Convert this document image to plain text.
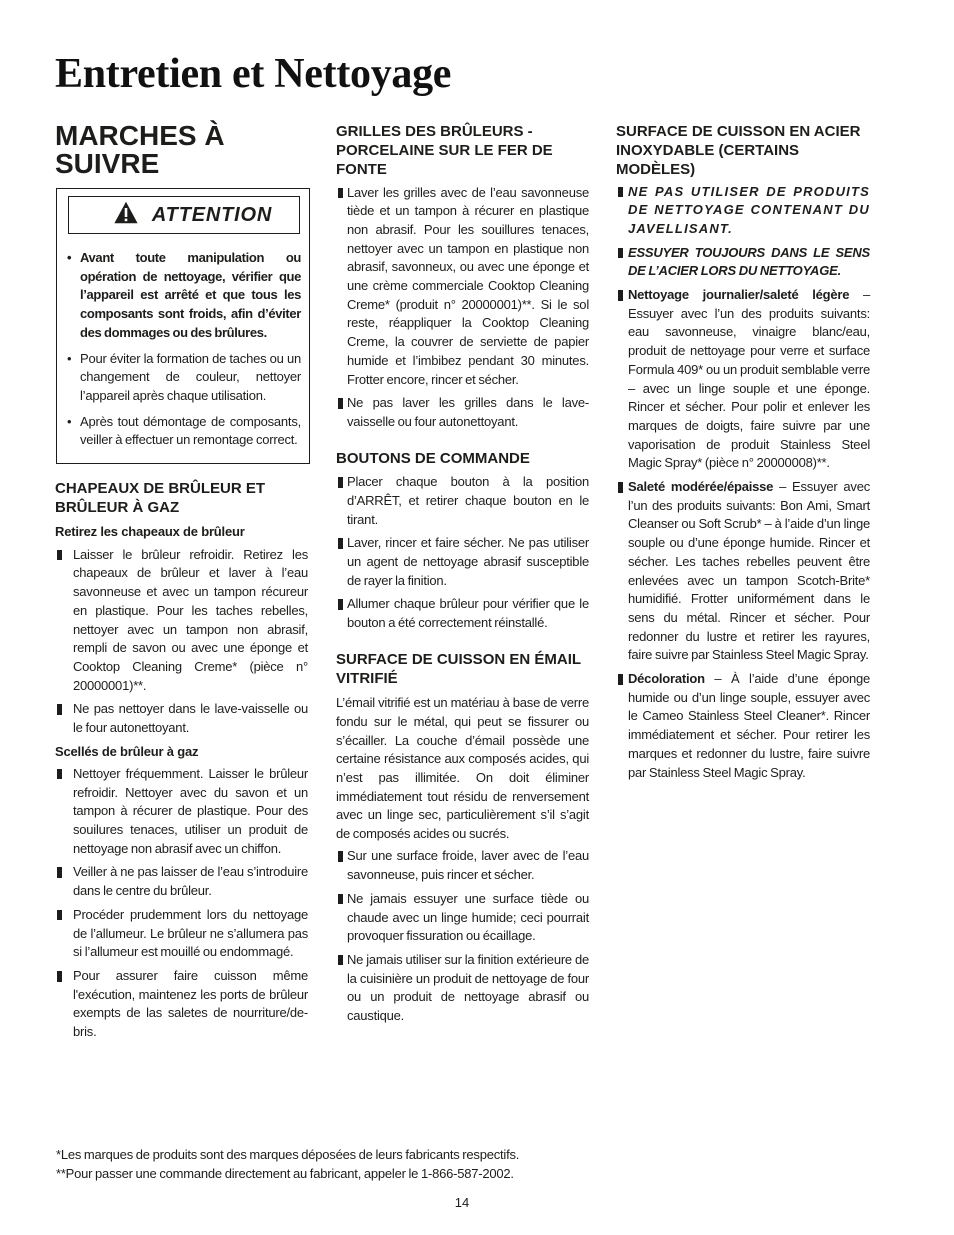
Entretien et Nettoyage
MARCHES À SUIVRE
ATTENTION
• Avant toute manipulation ou opération de nettoyage, vérifier que l’appareil est arrêté et que tous les composants sont froids, afin d’éviter des dommages ou des brûlures.
• Pour éviter la formation de taches ou un changement de couleur, nettoyer l’appareil après chaque utilisation.
• Après tout démontage de composants, veiller à effectuer un remontage correct.
CHAPEAUX DE BRÛLEUR ET BRÛLEUR À GAZ
Retirez les chapeaux de brûleur
Laisser le brûleur refroidir. Retirez les chapeaux de brûleur et laver à l’eau savonneuse et avec un tampon récureur en plastique. Pour les taches rebelles, nettoyer avec un tampon non abrasif, rempli de savon ou avec une éponge et Cooktop Cleaning Creme* (pièce n° 20000001)**.
Ne pas nettoyer dans le lave-vaisselle ou le four autonettoyant.
Scellés de brûleur à gaz
Nettoyer fréquemment. Laisser le brûleur refroidir. Nettoyer avec du savon et un tampon à récurer de plastique. Pour des souilures tenaces, utiliser un produit de nettoyage non abrasif avec un chiffon.
Veiller à ne pas laisser de l’eau s’introduire dans le centre du brûleur.
Procéder prudemment lors du nettoyage de l’allumeur. Le brûleur ne s’allumera pas si l’allumeur est mouillé ou endommagé.
Pour assurer faire cuisson même l'exécution, maintenez les ports de brûleur exempts de las saletes de nourriture/de-bris.
GRILLES DES BRÛLEURS - PORCELAINE SUR LE FER DE FONTE
Laver les grilles avec de l’eau savonneuse tiède et un tampon à récurer en plastique non abrasif. Pour les souillures tenaces, nettoyer avec un tampon en plastique non abrasif, savonneux, ou avec une éponge et une crème commerciale Cooktop Cleaning Creme* (produit n° 20000001)**. Si le sol reste, réappliquer la Cooktop Cleaning Creme, la couvrer de serviette de papier humide et l’imbibez pendant 30 minutes. Frotter encore, rincer et sécher.
Ne pas laver les grilles dans le lave-vaisselle ou four autonettoyant.
BOUTONS DE COMMANDE
Placer chaque bouton à la position d’ARRÊT, et retirer chaque bouton en le tirant.
Laver, rincer et faire sécher. Ne pas utiliser un agent de nettoyage abrasif susceptible de rayer la finition.
Allumer chaque brûleur pour vérifier que le bouton a été correctement réinstallé.
SURFACE DE CUISSON EN ÉMAIL VITRIFIÉ

L’émail vitrifié est un matériau à base de verre fondu sur le métal, qui peut se fissurer ou s’écailler. La couche d’émail possède une certaine résistance aux composés acides, qui n’est pas illimitée. On doit éliminer immédiatement tout résidu de renversement avec un linge sec, particulièrement s’il s’agit de composés acides ou sucrés.

Sur une surface froide, laver avec de l’eau savonneuse, puis rincer et sécher.
Ne jamais essuyer une surface tiède ou chaude avec un linge humide; ceci pourrait provoquer fissuration ou écaillage.
Ne jamais utiliser sur la finition extérieure de la cuisinière un produit de nettoyage de four ou un produit de nettoyage abrasif ou caustique.
SURFACE DE CUISSON EN ACIER INOXYDABLE (CERTAINS MODÈLES)
NE PAS UTILISER DE PRODUITS DE NETTOYAGE CONTENANT DU JAVELLISANT.
ESSUYER TOUJOURS DANS LE SENS DE L’ACIER LORS DU NETTOYAGE.
Nettoyage journalier/saleté légère – Essuyer avec l’un des produits suivants: eau savonneuse, vinaigre blanc/eau, produit de nettoyage pour verre et surface Formula 409* ou un produit semblable verre – avec un linge souple et une éponge. Rincer et sécher. Pour polir et enlever les marques de doigts, faire suivre par une vaporisation de produit Stainless Steel Magic Spray* (pièce n° 20000008)**.
Saleté modérée/épaisse – Essuyer avec l’un des produits suivants: Bon Ami, Smart Cleanser ou Soft Scrub* – à l’aide d’un linge souple ou d’une éponge humide. Rincer et sécher. Les taches rebelles peuvent être enlevées avec un tampon Scotch-Brite* humidifié. Frotter uniformément dans le sens du métal. Rincer et sécher. Pour redonner du lustre et retirer les rayures, faire suivre par Stainless Steel Magic Spray.
Décoloration – À l’aide d’une éponge humide ou d’un linge souple, essuyer avec le Cameo Stainless Steel Cleaner*. Rincer immédiatement et sécher. Pour retirer les marques et redonner du lustre, faire suivre par Stainless Steel Magic Spray.
*Les marques de produits sont des marques déposées de leurs fabricants respectifs.
**Pour passer une commande directement au fabricant, appeler le 1-866-587-2002.
14
